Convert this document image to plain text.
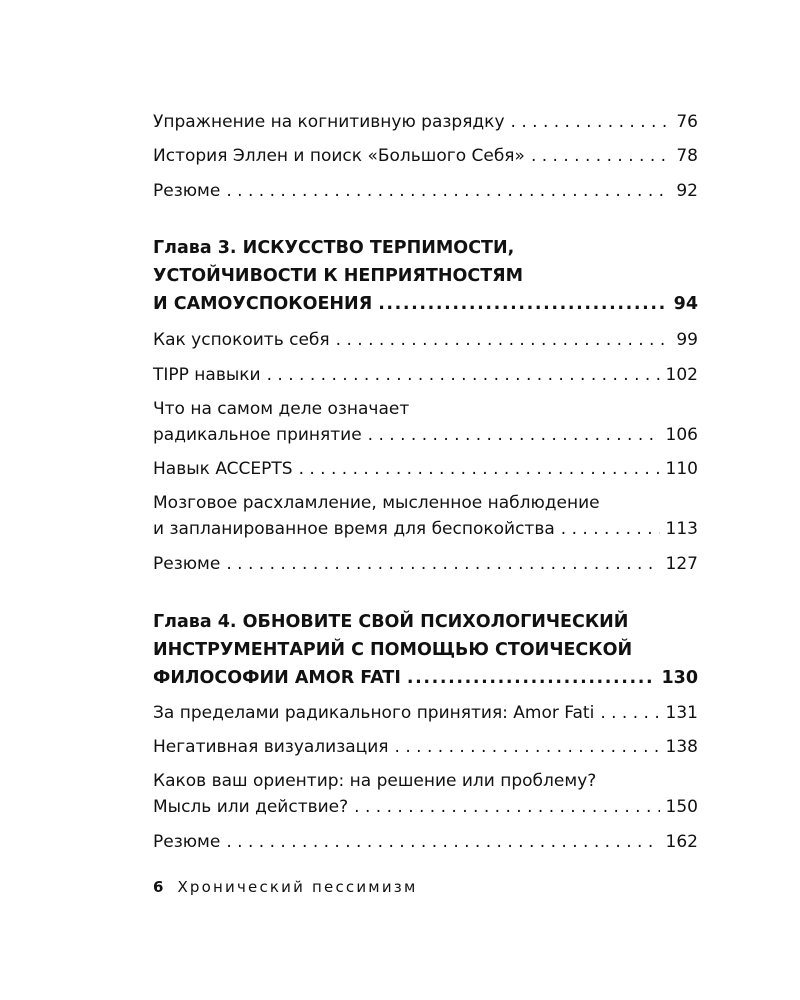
Упражнение на когнитивную разрядку . . .	76
История Эллен и поиск «Большого Себя» . . .	78
Резюме . . .	92
Глава 3. ИСКУССТВО ТЕРПИМОСТИ,
УСТОЙЧИВОСТИ К НЕПРИЯТНОСТЯМ
И САМОУСПОКОЕНИЯ .....	94
Как успокоить себя . . .	99
TIPP навыки . . .	102
Что на самом деле означает
радикальное принятие . . .	106
Навык ACCEPTS . . .	110
Мозговое расхламление, мысленное наблюдение
и запланированное время для беспокойства . . .	113
Резюме . . .	127
Глава 4. ОБНОВИТЕ СВОЙ ПСИХОЛОГИЧЕСКИЙ
ИНСТРУМЕНТАРИЙ С ПОМОЩЬЮ СТОИЧЕСКОЙ
ФИЛОСОФИИ AMOR FATI .....	130
За пределами радикального принятия: Amor Fati . . .	131
Негативная визуализация . . .	138
Каков ваш ориентир: на решение или проблему?
Мысль или действие? . . .	150
Резюме . . .	162
6 Хронический пессимизм
